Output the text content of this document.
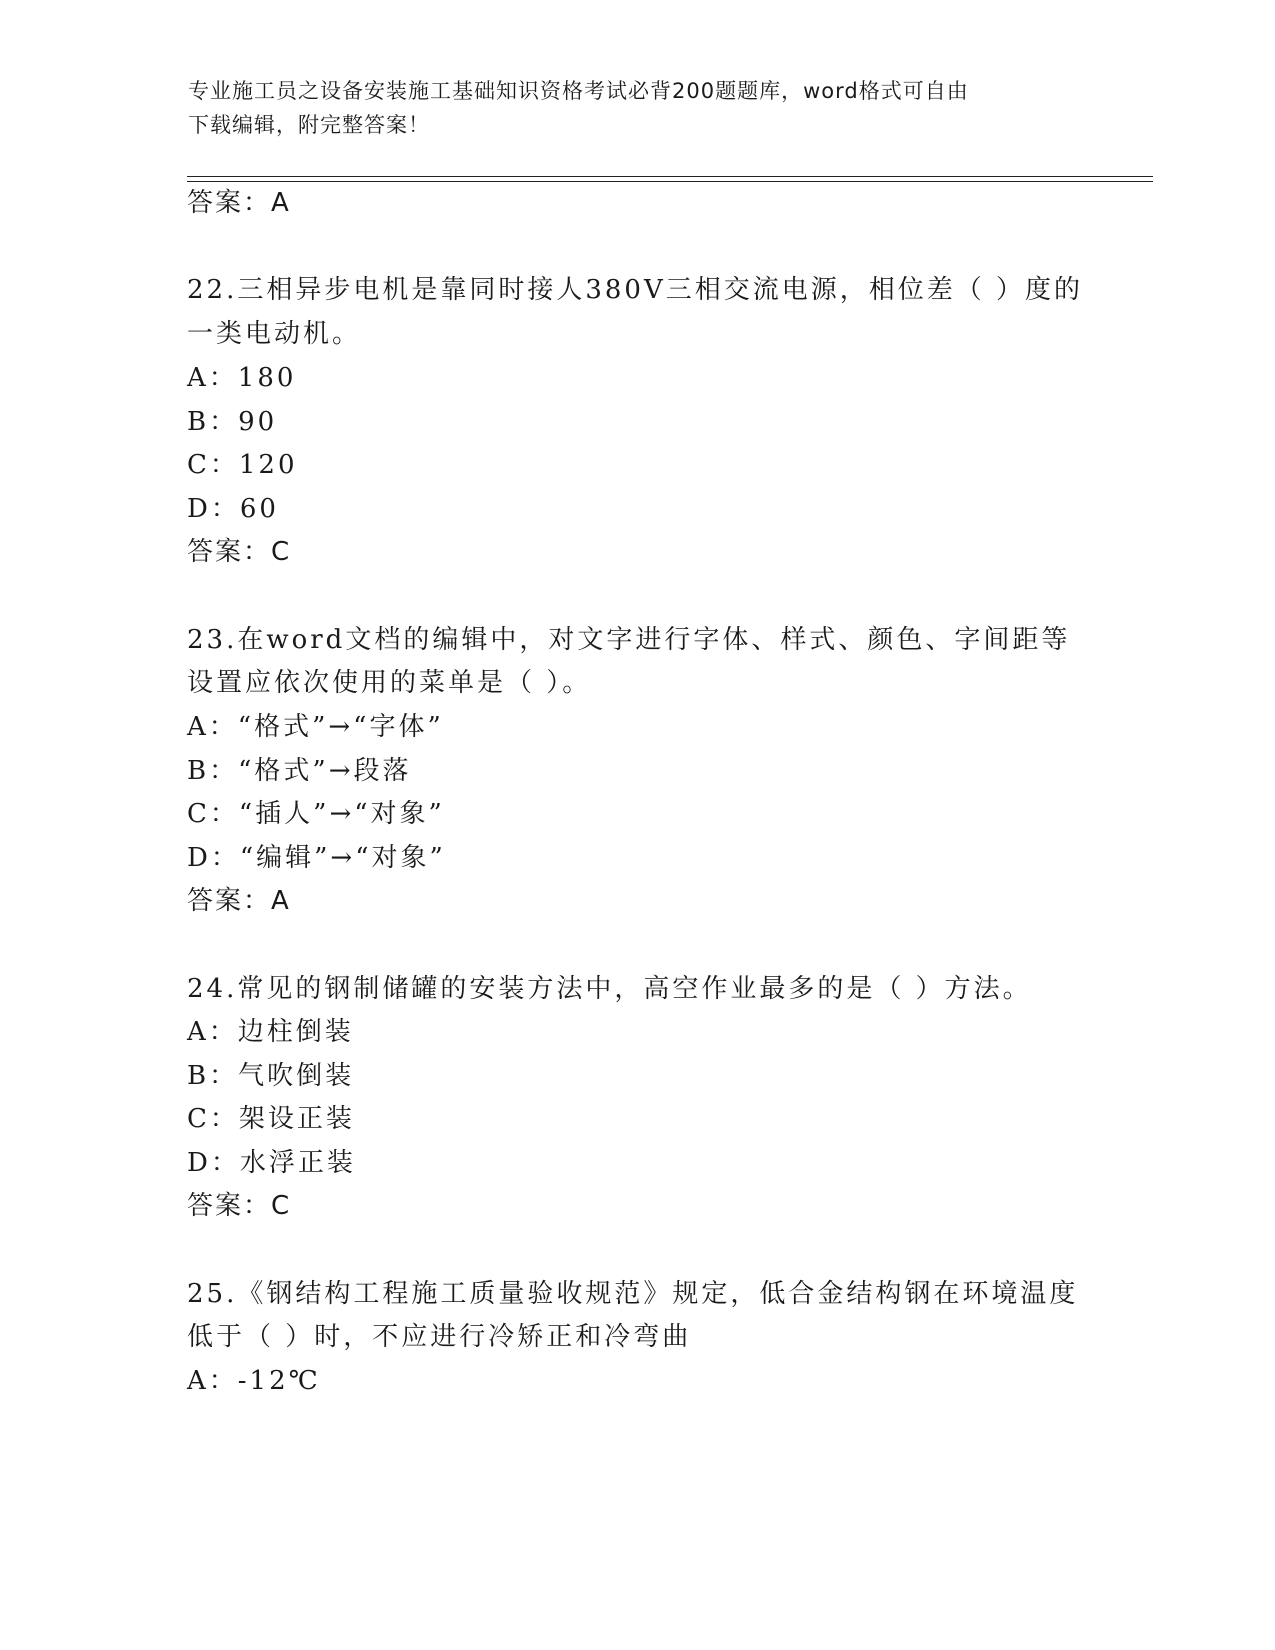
专业施工员之设备安装施工基础知识资格考试必背200题题库，word格式可自由
下载编辑，附完整答案！
答案：A
22.三相异步电机是靠同时接人380V三相交流电源，相位差（ ）度的
一类电动机。
A：180
B：90
C：120
D：60
答案：C
23.在word文档的编辑中，对文字进行字体、样式、颜色、字间距等
设置应依次使用的菜单是（ ）。
A：“格式”→“字体”
B：“格式”→段落
C：“插人”→“对象”
D：“编辑”→“对象”
答案：A
24.常见的钢制储罐的安装方法中，高空作业最多的是（ ）方法。
A：边柱倒装
B：气吹倒装
C：架设正装
D：水浮正装
答案：C
25.《钢结构工程施工质量验收规范》规定，低合金结构钢在环境温度
低于（ ）时，不应进行冷矫正和冷弯曲
A：-12℃
